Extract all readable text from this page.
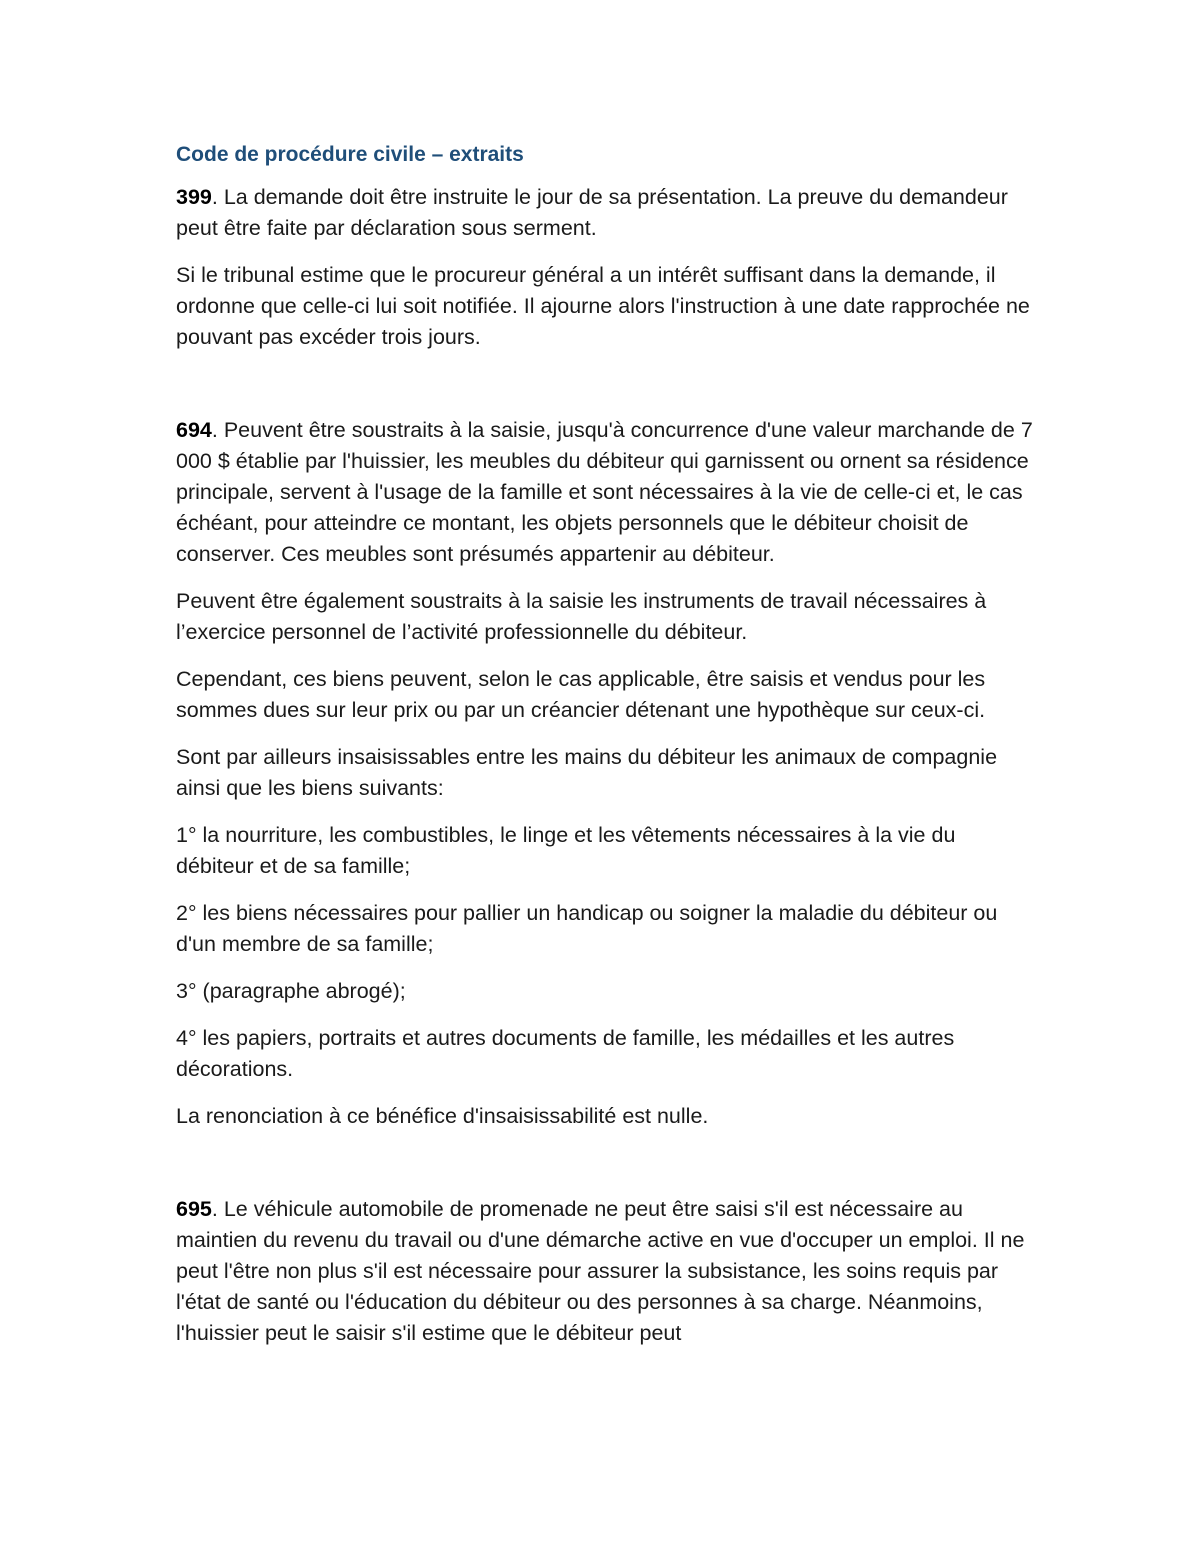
Code de procédure civile – extraits

399. La demande doit être instruite le jour de sa présentation. La preuve du demandeur peut être faite par déclaration sous serment.

Si le tribunal estime que le procureur général a un intérêt suffisant dans la demande, il ordonne que celle-ci lui soit notifiée. Il ajourne alors l'instruction à une date rapprochée ne pouvant pas excéder trois jours.

694. Peuvent être soustraits à la saisie, jusqu'à concurrence d'une valeur marchande de 7 000 $ établie par l'huissier, les meubles du débiteur qui garnissent ou ornent sa résidence principale, servent à l'usage de la famille et sont nécessaires à la vie de celle-ci et, le cas échéant, pour atteindre ce montant, les objets personnels que le débiteur choisit de conserver. Ces meubles sont présumés appartenir au débiteur.

Peuvent être également soustraits à la saisie les instruments de travail nécessaires à l’exercice personnel de l’activité professionnelle du débiteur.

Cependant, ces biens peuvent, selon le cas applicable, être saisis et vendus pour les sommes dues sur leur prix ou par un créancier détenant une hypothèque sur ceux-ci.

Sont par ailleurs insaisissables entre les mains du débiteur les animaux de compagnie ainsi que les biens suivants:

1° la nourriture, les combustibles, le linge et les vêtements nécessaires à la vie du débiteur et de sa famille;

2° les biens nécessaires pour pallier un handicap ou soigner la maladie du débiteur ou d'un membre de sa famille;

3° (paragraphe abrogé);

4° les papiers, portraits et autres documents de famille, les médailles et les autres décorations.

La renonciation à ce bénéfice d'insaisissabilité est nulle.

695. Le véhicule automobile de promenade ne peut être saisi s'il est nécessaire au maintien du revenu du travail ou d'une démarche active en vue d'occuper un emploi. Il ne peut l'être non plus s'il est nécessaire pour assurer la subsistance, les soins requis par l'état de santé ou l'éducation du débiteur ou des personnes à sa charge. Néanmoins, l'huissier peut le saisir s'il estime que le débiteur peut
